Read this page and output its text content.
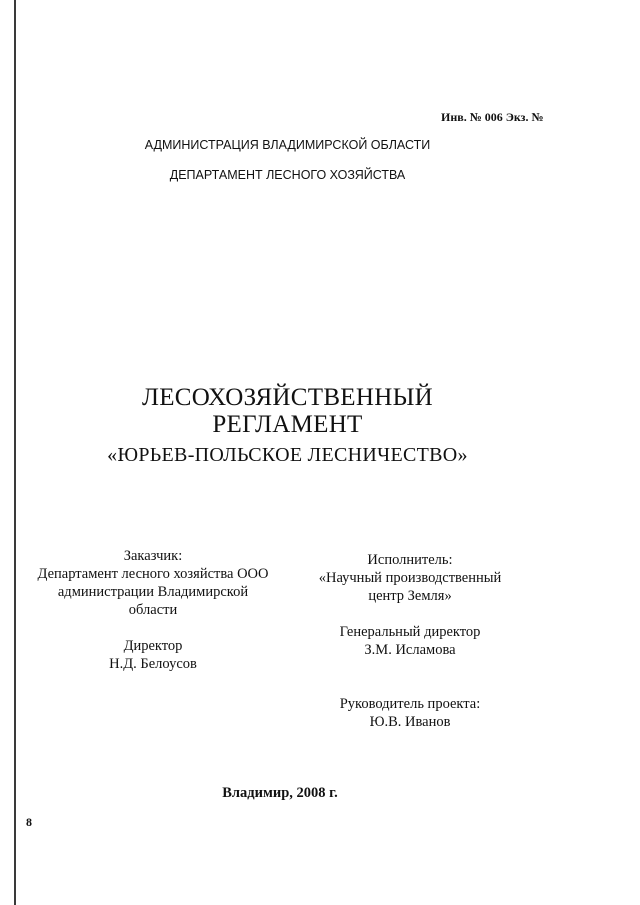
Инв. № 006 Экз. №
АДМИНИСТРАЦИЯ ВЛАДИМИРСКОЙ ОБЛАСТИ
ДЕПАРТАМЕНТ ЛЕСНОГО ХОЗЯЙСТВА
ЛЕСОХОЗЯЙСТВЕННЫЙ
РЕГЛАМЕНТ
«ЮРЬЕВ-ПОЛЬСКОЕ ЛЕСНИЧЕСТВО»
Заказчик:
Департамент лесного хозяйства ООО
администрации Владимирской
области
Директор
Н.Д. Белоусов
Исполнитель:
«Научный производственный
центр Земля»
Генеральный директор
З.М. Исламова
Руководитель проекта:
Ю.В. Иванов
Владимир, 2008 г.
8
